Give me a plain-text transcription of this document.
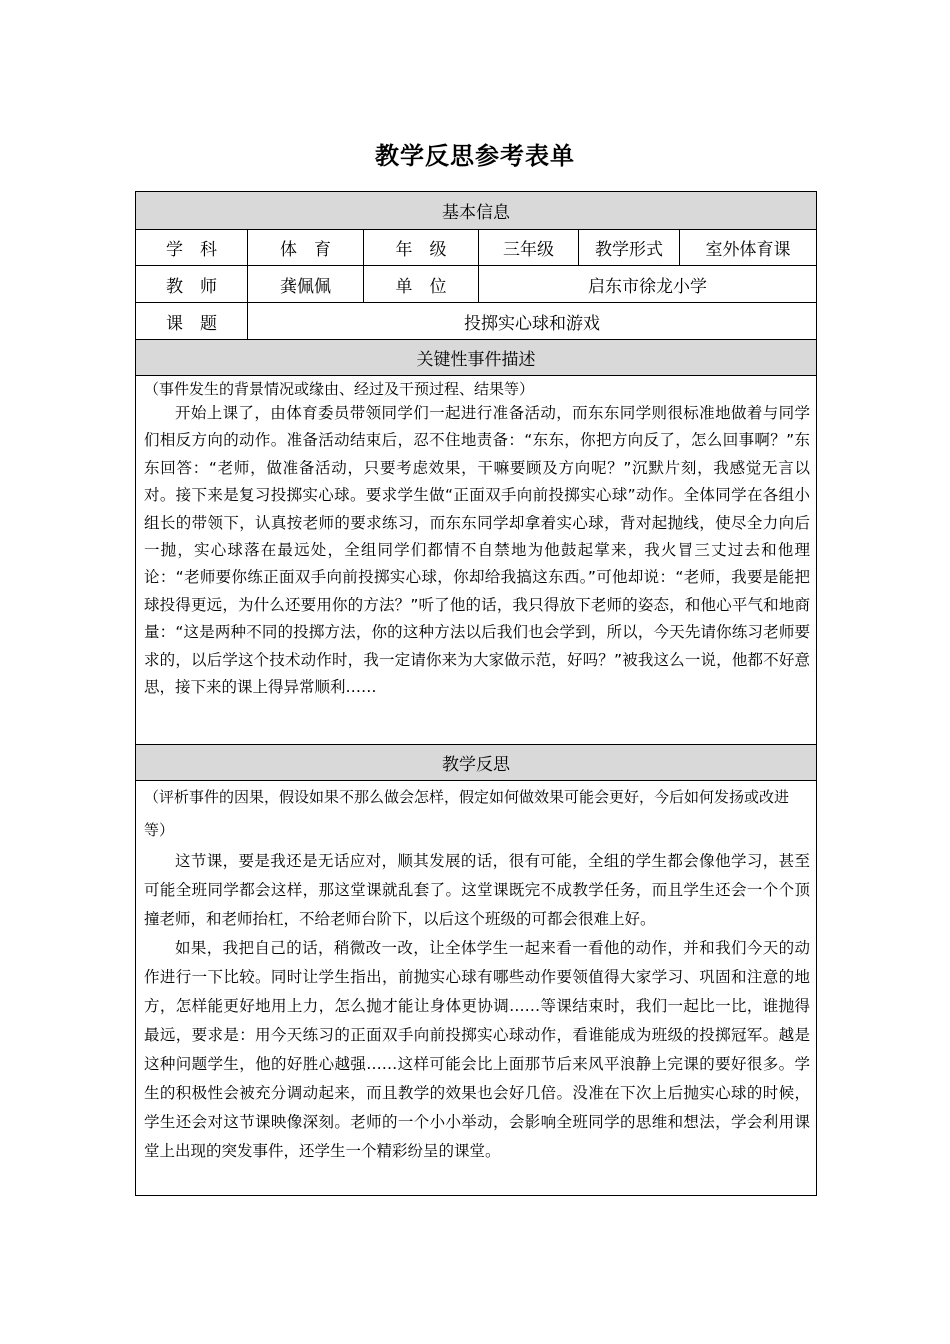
教学反思参考表单
基本信息					
学　科	体　育	年　级	三年级	教学形式	室外体育课
教　师	龚佩佩	单　位	启东市徐龙小学		
课　题	投掷实心球和游戏				
关键性事件描述					

（事件发生的背景情况或缘由、经过及干预过程、结果等）

开始上课了，由体育委员带领同学们一起进行准备活动，而东东同学则很标准地做着与同学们相反方向的动作。准备活动结束后，忍不住地责备：“东东，你把方向反了，怎么回事啊？”东东回答：“老师，做准备活动，只要考虑效果，干嘛要顾及方向呢？”沉默片刻，我感觉无言以对。接下来是复习投掷实心球。要求学生做“正面双手向前投掷实心球”动作。全体同学在各组小组长的带领下，认真按老师的要求练习，而东东同学却拿着实心球，背对起抛线，使尽全力向后一抛，实心球落在最远处，全组同学们都情不自禁地为他鼓起掌来，我火冒三丈过去和他理论：“老师要你练正面双手向前投掷实心球，你却给我搞这东西。”可他却说：“老师，我要是能把球投得更远，为什么还要用你的方法？”听了他的话，我只得放下老师的姿态，和他心平气和地商量：“这是两种不同的投掷方法，你的这种方法以后我们也会学到，所以，今天先请你练习老师要求的，以后学这个技术动作时，我一定请你来为大家做示范，好吗？”被我这么一说，他都不好意思，接下来的课上得异常顺利……					

教学反思					

（评析事件的因果，假设如果不那么做会怎样，假定如何做效果可能会更好，今后如何发扬或改进等）

这节课，要是我还是无话应对，顺其发展的话，很有可能，全组的学生都会像他学习，甚至可能全班同学都会这样，那这堂课就乱套了。这堂课既完不成教学任务，而且学生还会一个个顶撞老师，和老师抬杠，不给老师台阶下，以后这个班级的可都会很难上好。

如果，我把自己的话，稍微改一改，让全体学生一起来看一看他的动作，并和我们今天的动作进行一下比较。同时让学生指出，前抛实心球有哪些动作要领值得大家学习、巩固和注意的地方，怎样能更好地用上力，怎么抛才能让身体更协调……等课结束时，我们一起比一比，谁抛得最远，要求是：用今天练习的正面双手向前投掷实心球动作，看谁能成为班级的投掷冠军。越是这种问题学生，他的好胜心越强……这样可能会比上面那节后来风平浪静上完课的要好很多。学生的积极性会被充分调动起来，而且教学的效果也会好几倍。没准在下次上后抛实心球的时候，学生还会对这节课映像深刻。老师的一个小小举动，会影响全班同学的思维和想法，学会利用课堂上出现的突发事件，还学生一个精彩纷呈的课堂。					
